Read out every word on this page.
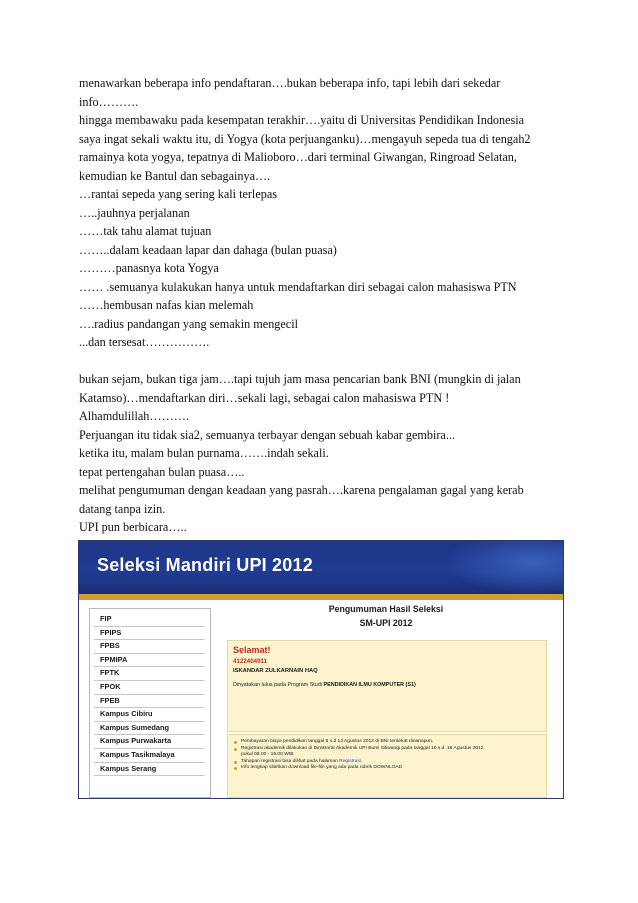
menawarkan beberapa info pendaftaran….bukan beberapa info, tapi lebih dari sekedar
info……….
hingga membawaku pada kesempatan terakhir….yaitu di Universitas Pendidikan Indonesia
saya ingat sekali waktu itu, di Yogya (kota perjuanganku)…mengayuh sepeda tua di tengah2
ramainya kota yogya, tepatnya di Malioboro…dari terminal Giwangan, Ringroad Selatan,
kemudian ke Bantul dan sebagainya….
…rantai sepeda yang sering kali terlepas
…..jauhnya perjalanan
……tak tahu alamat tujuan
……..dalam keadaan lapar dan dahaga (bulan puasa)
………panasnya kota Yogya
…… .semuanya kulakukan hanya untuk mendaftarkan diri sebagai calon mahasiswa PTN
……hembusan nafas kian melemah
….radius pandangan yang semakin mengecil
...dan tersesat…………….
bukan sejam, bukan tiga jam….tapi tujuh jam masa pencarian bank BNI (mungkin di jalan
Katamso)…mendaftarkan diri…sekali lagi, sebagai calon mahasiswa PTN !
Alhamdulillah……….
Perjuangan itu tidak sia2, semuanya terbayar dengan sebuah kabar gembira...
ketika itu, malam bulan purnama…….indah sekali.
tepat pertengahan bulan puasa…..
melihat pengumuman dengan keadaan yang pasrah….karena pengalaman gagal yang kerab
datang tanpa izin.
UPI pun berbicara…..
Seleksi Mandiri UPI 2012
FIP
FPIPS
FPBS
FPMIPA
FPTK
FPOK
FPEB
Kampus Cibiru
Kampus Sumedang
Kampus Purwakarta
Kampus Tasikmalaya
Kampus Serang
Pengumuman Hasil Seleksi
SM-UPI 2012
Selamat!
4122404911
ISKANDAR ZULKARNAIN HAQ
Dinyatakan lulus pada Program Studi PENDIDIKAN ILMU KOMPUTER (S1)
Pembayaran biaya pendidikan tanggal 8 s.d 14 Agustus 2012 di BNI terdekat dinanapun.
Registrasi akademik dilakukan di Direktorat Akademik UPI Bumi Siliwangi pada tanggal 10 s.d. 16 Agustus 2012
pukul 08.00 - 15.00 WIB
Tahapan registrasi bisa dilihat pada halaman Registrasi
Info lengkap silahkan download file-file yang ada pada rubrik DOWNLOAD
